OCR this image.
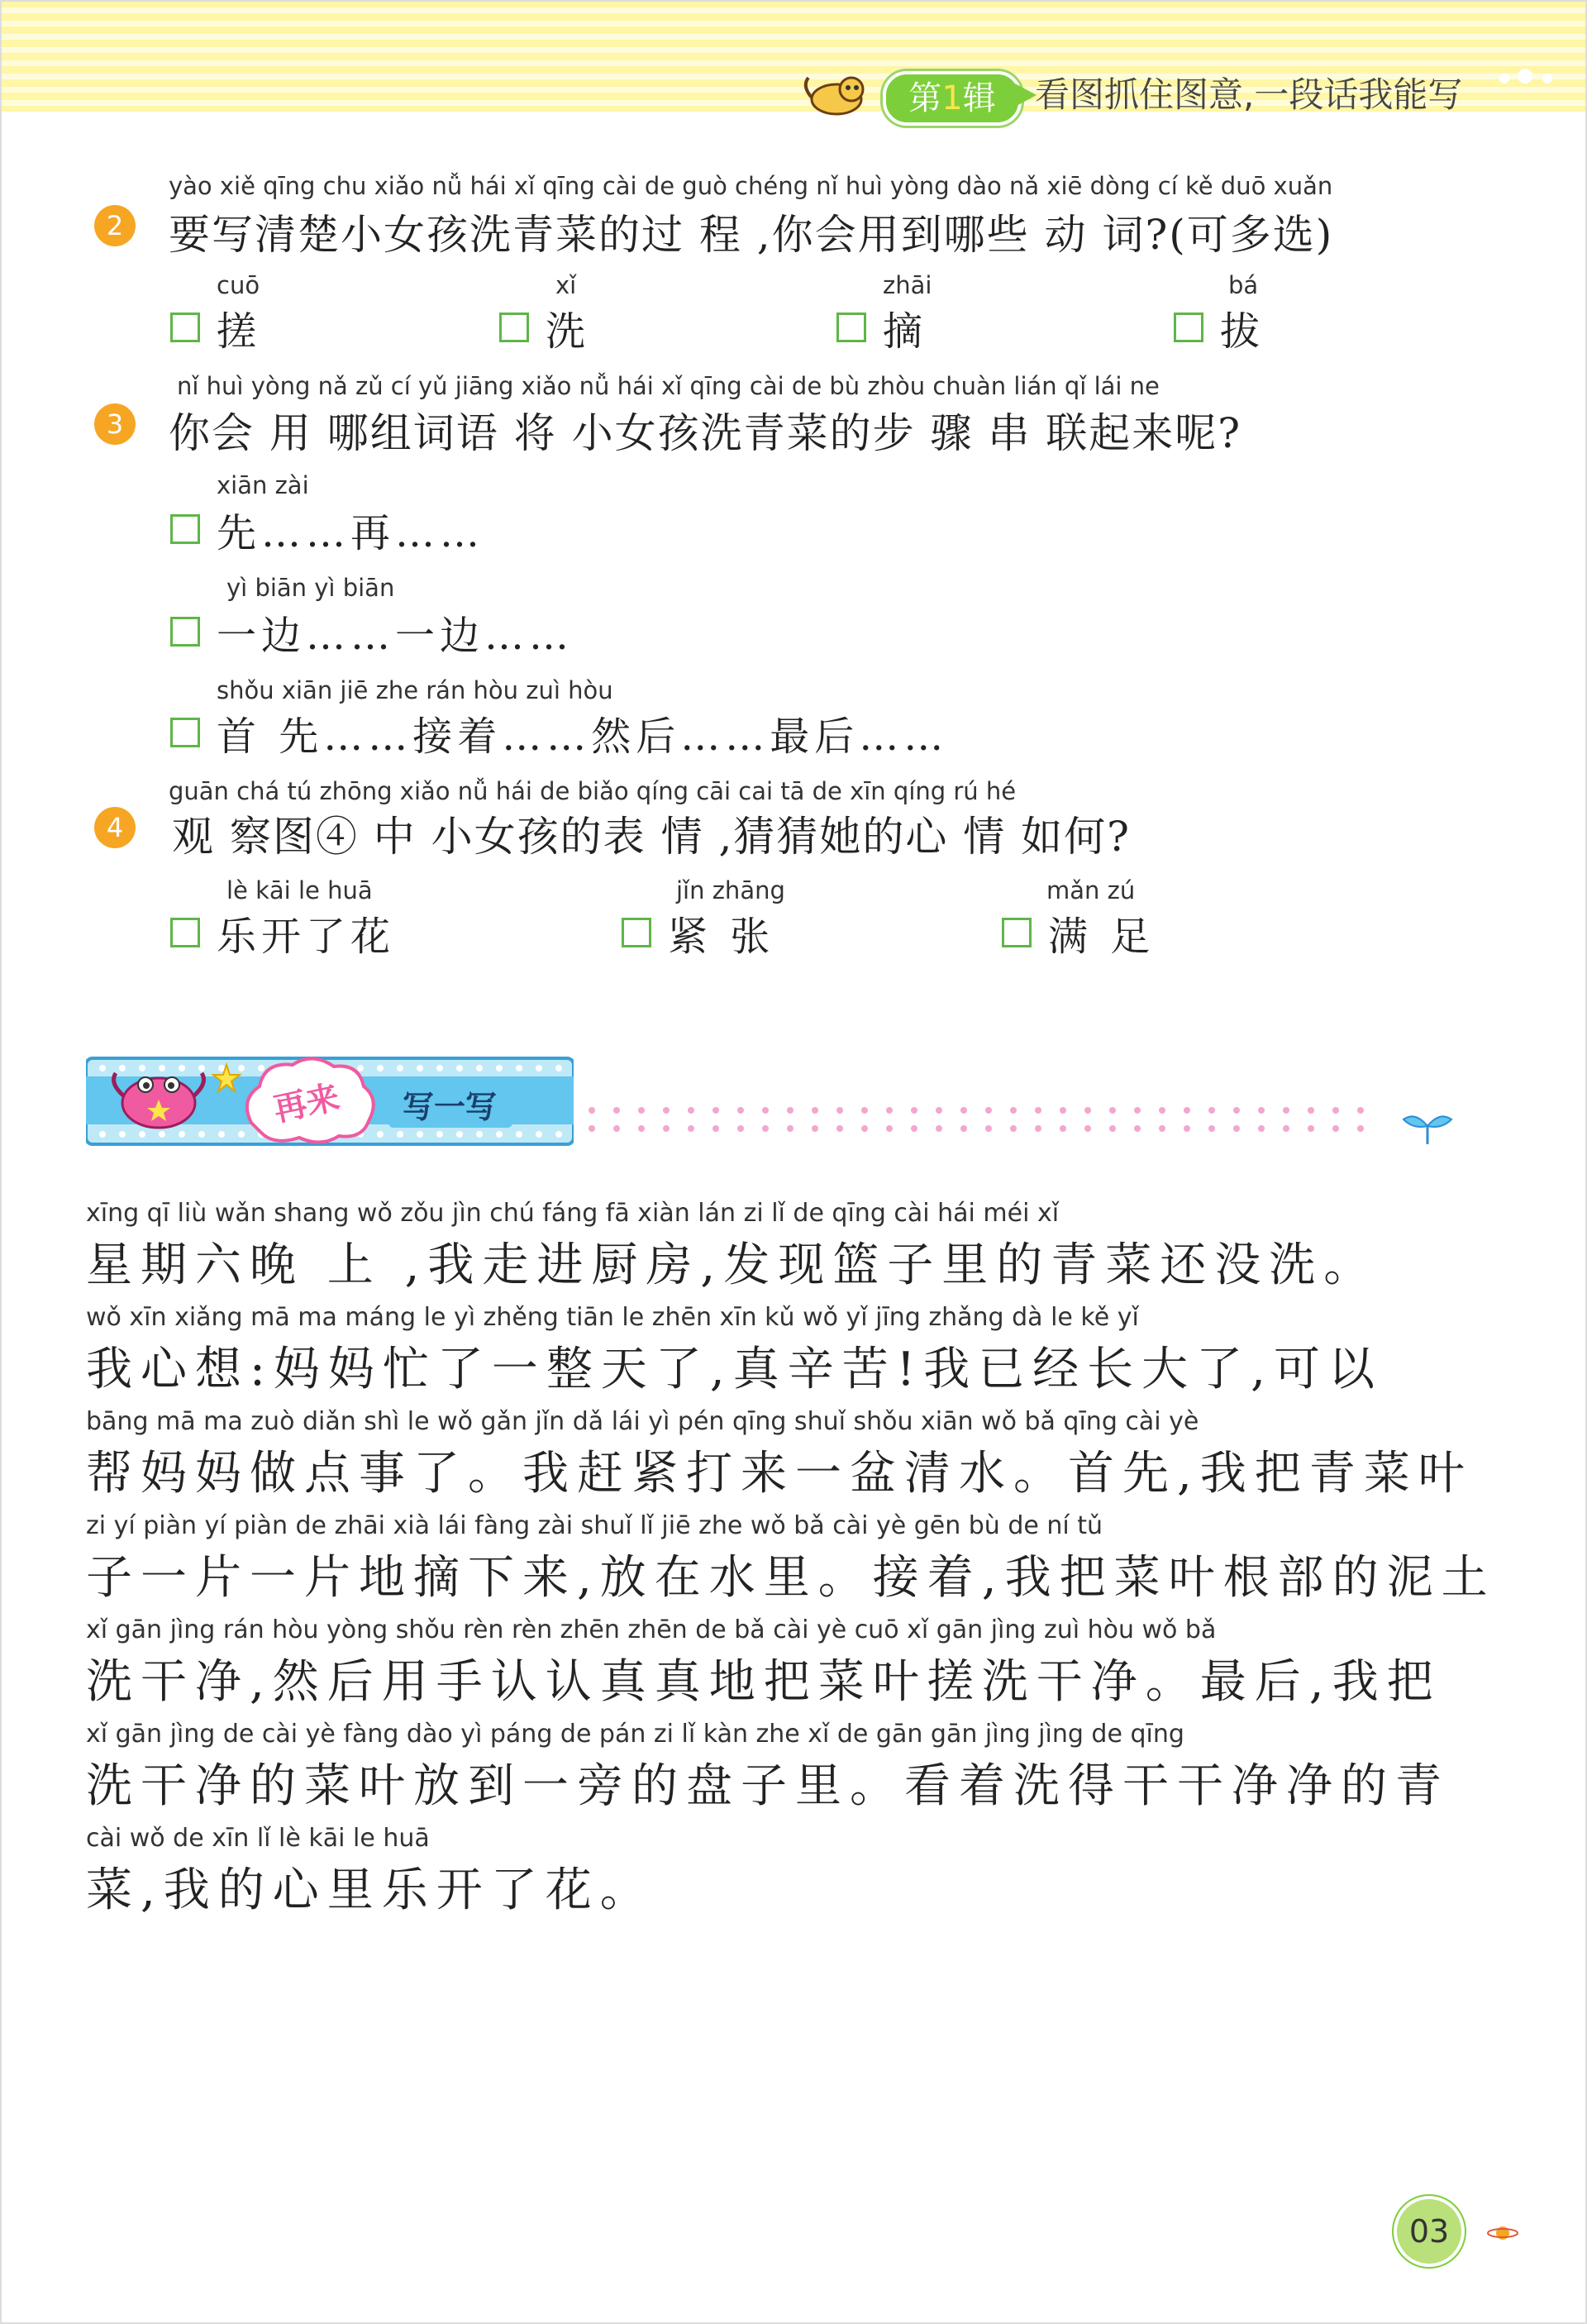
第1辑	看图抓住图意,一段话我能写
2
yào xiě qīng chu xiǎo nǚ hái xǐ qīng cài de guò chéng nǐ huì yòng dào nǎ xiē dòng cí kě duō xuǎn
要写清楚小女孩洗青菜的过 程 ,你会用到哪些 动 词?(可多选)
cuō
搓
xǐ
洗
zhāi
摘
bá
拔
nǐ huì yòng nǎ zǔ cí yǔ jiāng xiǎo nǚ hái xǐ qīng cài de bù zhòu chuàn lián qǐ lái ne
3 你会 用 哪组词语 将 小女孩洗青菜的步 骤 串 联起来呢?
xiān zài
先……再……
yì biān yì biān
一边……一边……
shǒu xiān jiē zhe rán hòu zuì hòu
首 先……接着……然后……最后……
guān chá tú zhōng xiǎo nǚ hái de biǎo qíng cāi cai tā de xīn qíng rú hé
4 观 察图④ 中 小女孩的表 情 ,猜猜她的心 情 如何?
lè kāi le huā
乐开了花
jǐn zhāng
紧 张
mǎn zú
满 足
再来 写一写
xīng qī liù wǎn shang wǒ zǒu jìn chú fáng fā xiàn lán zi lǐ de qīng cài hái méi xǐ
星期六晚 上 ,我走进厨房,发现篮子里的青菜还没洗。
wǒ xīn xiǎng mā ma máng le yì zhěng tiān le zhēn xīn kǔ wǒ yǐ jīng zhǎng dà le kě yǐ
我心想:妈妈忙了一整天了,真辛苦!我已经长大了,可以
bāng mā ma zuò diǎn shì le wǒ gǎn jǐn dǎ lái yì pén qīng shuǐ shǒu xiān wǒ bǎ qīng cài yè
帮妈妈做点事了。我赶紧打来一盆清水。首先,我把青菜叶
zi yí piàn yí piàn de zhāi xià lái fàng zài shuǐ lǐ jiē zhe wǒ bǎ cài yè gēn bù de ní tǔ
子一片一片地摘下来,放在水里。接着,我把菜叶根部的泥土
xǐ gān jìng rán hòu yòng shǒu rèn rèn zhēn zhēn de bǎ cài yè cuō xǐ gān jìng zuì hòu wǒ bǎ
洗干净,然后用手认认真真地把菜叶搓洗干净。最后,我把
xǐ gān jìng de cài yè fàng dào yì páng de pán zi lǐ kàn zhe xǐ de gān gān jìng jìng de qīng
洗干净的菜叶放到一旁的盘子里。看着洗得干干净净的青
cài wǒ de xīn lǐ lè kāi le huā
菜,我的心里乐开了花。
03
